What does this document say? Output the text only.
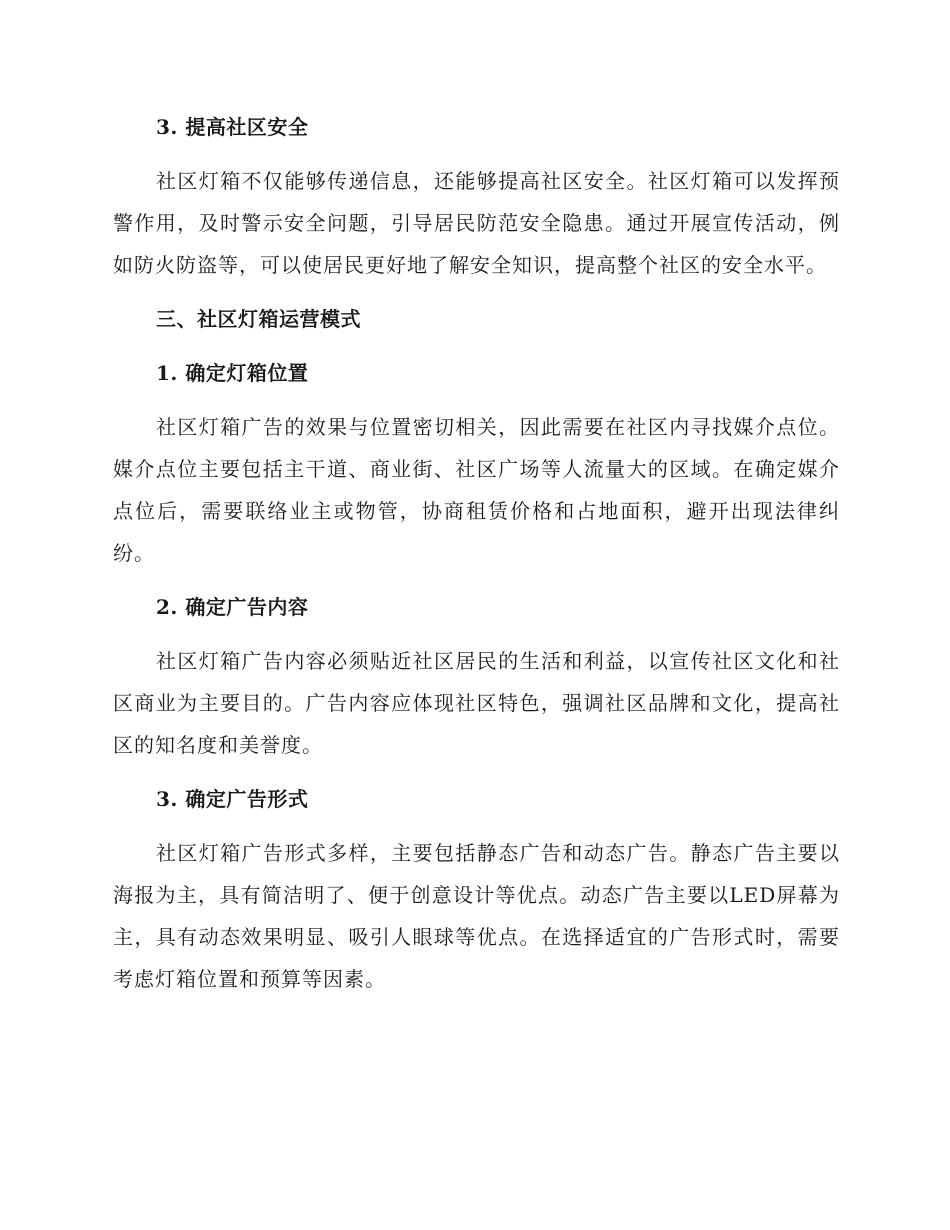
3. 提高社区安全

社区灯箱不仅能够传递信息，还能够提高社区安全。社区灯箱可以发挥预警作用，及时警示安全问题，引导居民防范安全隐患。通过开展宣传活动，例如防火防盗等，可以使居民更好地了解安全知识，提高整个社区的安全水平。

三、社区灯箱运营模式
1. 确定灯箱位置

社区灯箱广告的效果与位置密切相关，因此需要在社区内寻找媒介点位。媒介点位主要包括主干道、商业街、社区广场等人流量大的区域。在确定媒介点位后，需要联络业主或物管，协商租赁价格和占地面积，避开出现法律纠纷。

2. 确定广告内容

社区灯箱广告内容必须贴近社区居民的生活和利益，以宣传社区文化和社区商业为主要目的。广告内容应体现社区特色，强调社区品牌和文化，提高社区的知名度和美誉度。

3. 确定广告形式

社区灯箱广告形式多样，主要包括静态广告和动态广告。静态广告主要以海报为主，具有简洁明了、便于创意设计等优点。动态广告主要以LED屏幕为主，具有动态效果明显、吸引人眼球等优点。在选择适宜的广告形式时，需要考虑灯箱位置和预算等因素。
